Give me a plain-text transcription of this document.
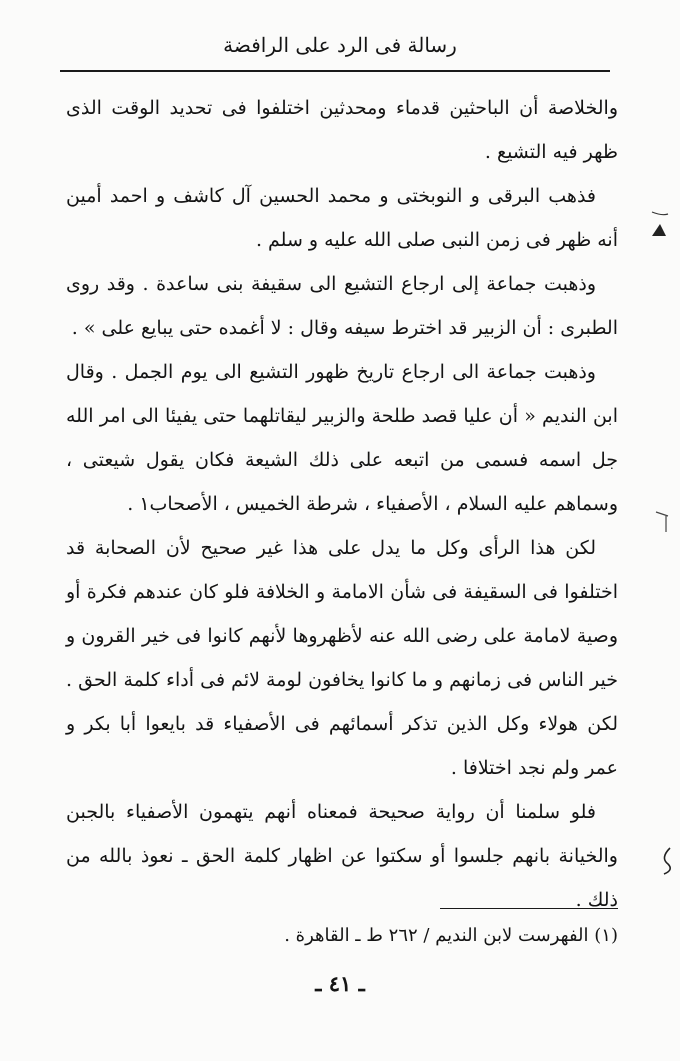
رسالة فى الرد على الرافضة

والخلاصة أن الباحثين قدماء ومحدثين اختلفوا فى تحديد الوقت الذى ظهر فيه التشيع .

فذهب البرقى و النوبختى و محمد الحسين آل كاشف و احمد أمين أنه ظهر فى زمن النبى صلى الله عليه و سلم .

وذهبت جماعة إلى ارجاع التشيع الى سقيفة بنى ساعدة . وقد روى الطبرى : أن الزبير قد اخترط سيفه وقال : لا أغمده حتى يبايع على » .

وذهبت جماعة الى ارجاع تاريخ ظهور التشيع الى يوم الجمل . وقال ابن النديم « أن عليا قصد طلحة والزبير ليقاتلهما حتى يفيئا الى امر الله جل اسمه فسمى من اتبعه على ذلك الشيعة فكان يقول شيعتى ، وسماهم عليه السلام ، الأصفياء ، شرطة الخميس ، الأصحاب١ .

لكن هذا الرأى وكل ما يدل على هذا غير صحيح لأن الصحابة قد اختلفوا فى السقيفة فى شأن الامامة و الخلافة فلو كان عندهم فكرة أو وصية لامامة على رضى الله عنه لأظهروها لأنهم كانوا فى خير القرون و خير الناس فى زمانهم و ما كانوا يخافون لومة لائم فى أداء كلمة الحق . لكن هولاء وكل الذين تذكر أسمائهم فى الأصفياء قد بايعوا أبا بكر و عمر ولم نجد اختلافا .

فلو سلمنا أن رواية صحيحة فمعناه أنهم يتهمون الأصفياء بالجبن والخيانة بانهم جلسوا أو سكتوا عن اظهار كلمة الحق ـ نعوذ بالله من ذلك .

(١) الفهرست لابن النديم / ٢٦٢ ط ـ القاهرة .
ـ ٤١ ـ
